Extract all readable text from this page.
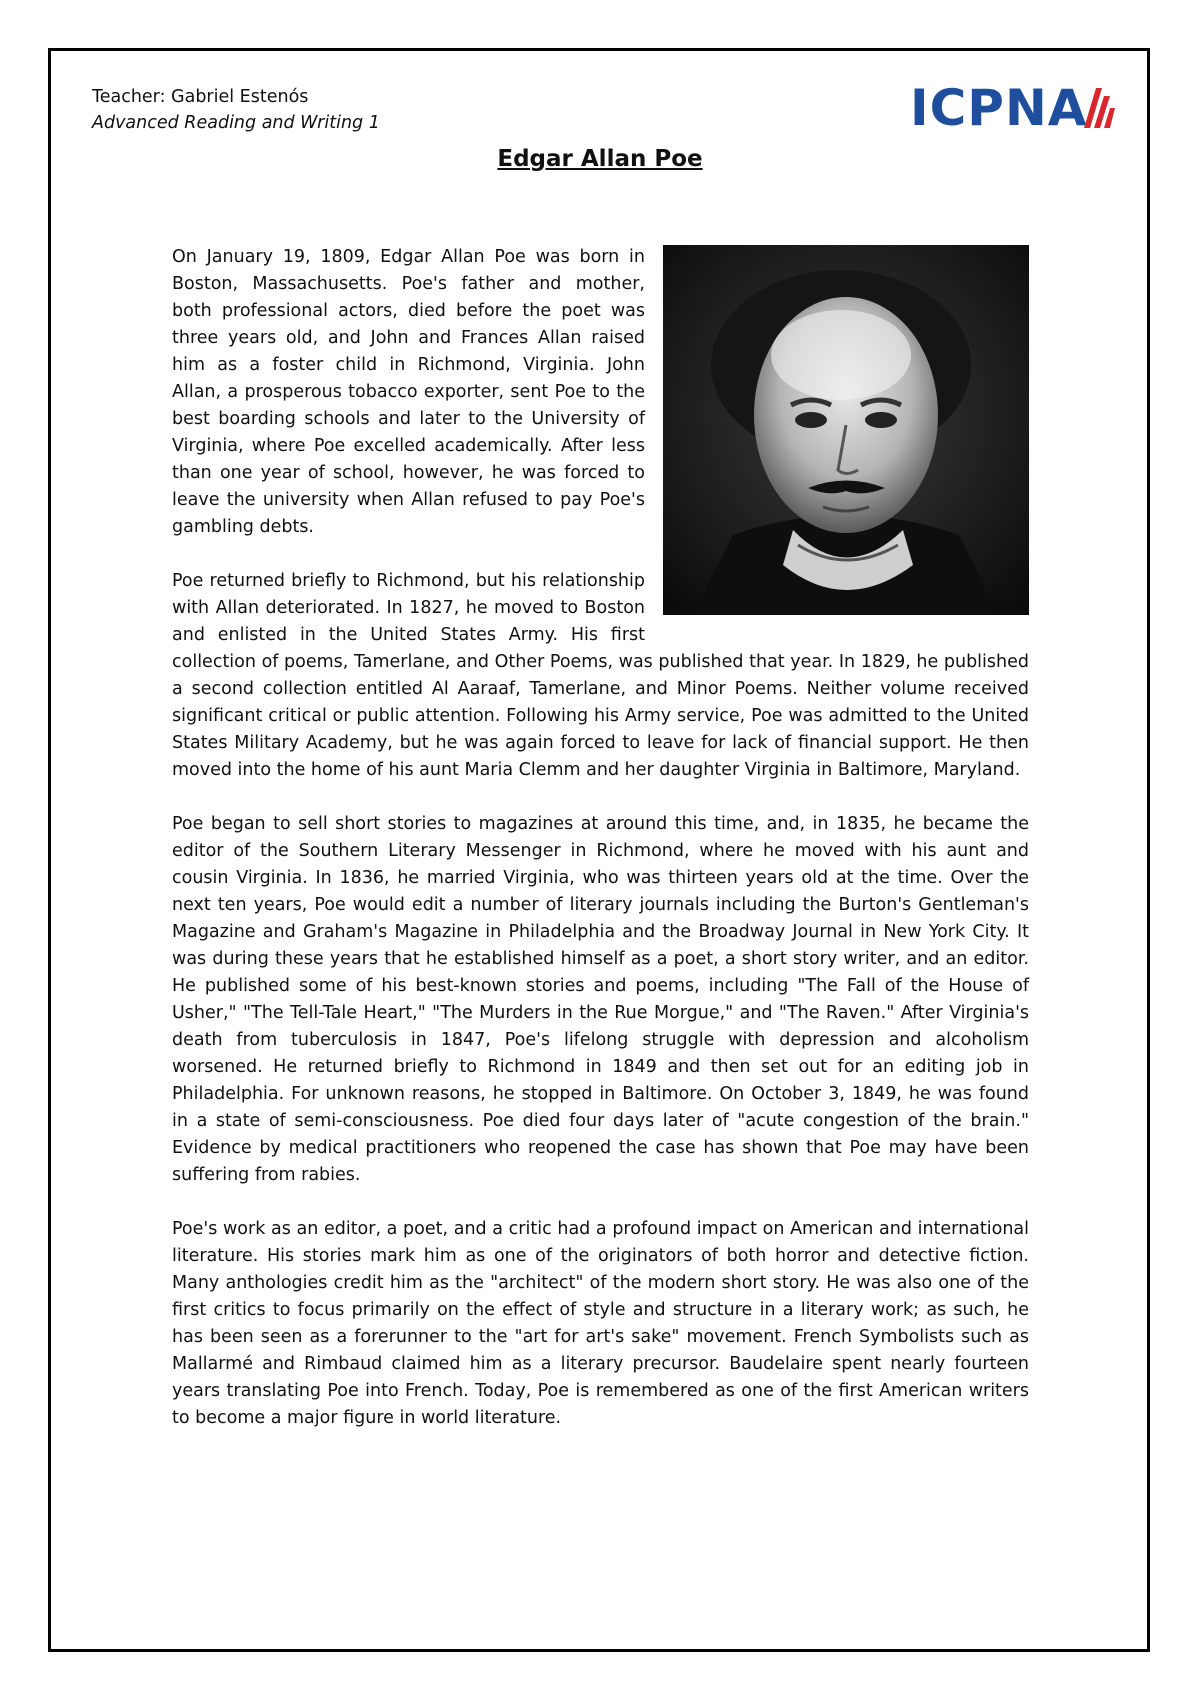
Teacher: Gabriel Estenós
Advanced Reading and Writing 1	ICPNA
Edgar Allan Poe

On January 19, 1809, Edgar Allan Poe was born in Boston, Massachusetts. Poe's father and mother, both professional actors, died before the poet was three years old, and John and Frances Allan raised him as a foster child in Richmond, Virginia. John Allan, a prosperous tobacco exporter, sent Poe to the best boarding schools and later to the University of Virginia, where Poe excelled academically. After less than one year of school, however, he was forced to leave the university when Allan refused to pay Poe's gambling debts.

Poe returned briefly to Richmond, but his relationship with Allan deteriorated. In 1827, he moved to Boston and enlisted in the United States Army. His first collection of poems, Tamerlane, and Other Poems, was published that year. In 1829, he published a second collection entitled Al Aaraaf, Tamerlane, and Minor Poems. Neither volume received significant critical or public attention. Following his Army service, Poe was admitted to the United States Military Academy, but he was again forced to leave for lack of financial support. He then moved into the home of his aunt Maria Clemm and her daughter Virginia in Baltimore, Maryland.

Poe began to sell short stories to magazines at around this time, and, in 1835, he became the editor of the Southern Literary Messenger in Richmond, where he moved with his aunt and cousin Virginia. In 1836, he married Virginia, who was thirteen years old at the time. Over the next ten years, Poe would edit a number of literary journals including the Burton's Gentleman's Magazine and Graham's Magazine in Philadelphia and the Broadway Journal in New York City. It was during these years that he established himself as a poet, a short story writer, and an editor. He published some of his best-known stories and poems, including "The Fall of the House of Usher," "The Tell-Tale Heart," "The Murders in the Rue Morgue," and "The Raven." After Virginia's death from tuberculosis in 1847, Poe's lifelong struggle with depression and alcoholism worsened. He returned briefly to Richmond in 1849 and then set out for an editing job in Philadelphia. For unknown reasons, he stopped in Baltimore. On October 3, 1849, he was found in a state of semi-consciousness. Poe died four days later of "acute congestion of the brain." Evidence by medical practitioners who reopened the case has shown that Poe may have been suffering from rabies.

Poe's work as an editor, a poet, and a critic had a profound impact on American and international literature. His stories mark him as one of the originators of both horror and detective fiction. Many anthologies credit him as the "architect" of the modern short story. He was also one of the first critics to focus primarily on the effect of style and structure in a literary work; as such, he has been seen as a forerunner to the "art for art's sake" movement. French Symbolists such as Mallarmé and Rimbaud claimed him as a literary precursor. Baudelaire spent nearly fourteen years translating Poe into French. Today, Poe is remembered as one of the first American writers to become a major figure in world literature.
